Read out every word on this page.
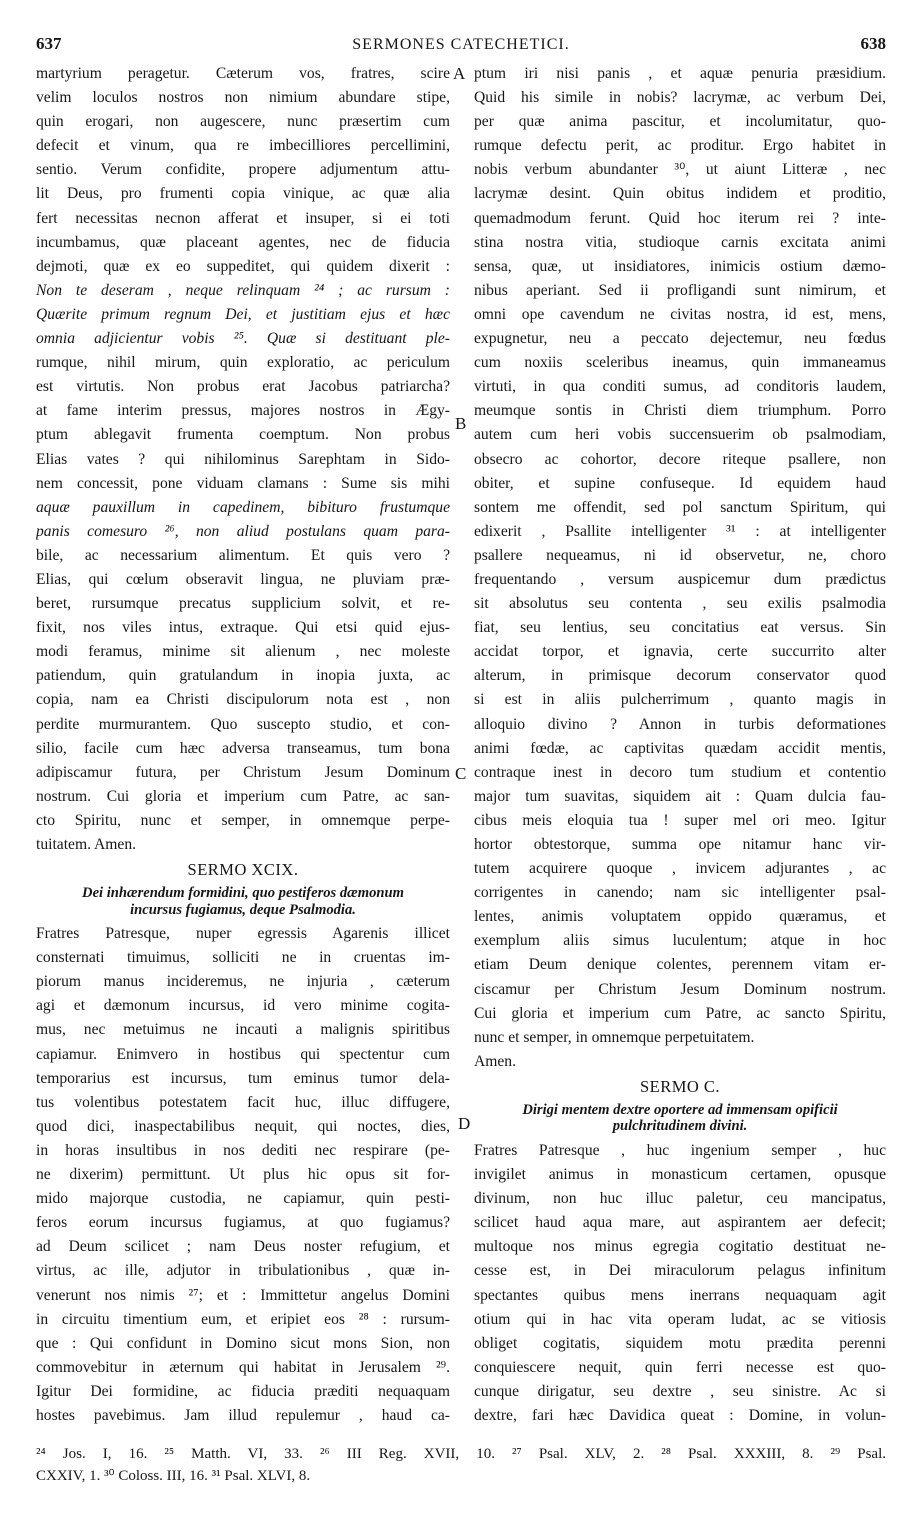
637	SERMONES CATECHETICI.	638
martyrium peragetur. Cæterum vos, fratres, scire
velim loculos nostros non nimium abundare stipe,
quin erogari, non augescere, nunc præsertim cum
defecit et vinum, qua re imbecilliores percellimini,
sentio. Verum confidite, propere adjumentum attu-
lit Deus, pro frumenti copia vinique, ac quæ alia
fert necessitas necnon afferat et insuper, si ei toti
incumbamus, quæ placeant agentes, nec de fiducia
dejmoti, quæ ex eo suppeditet, qui quidem dixerit :
Non te deseram , neque relinquam ²⁴ ; ac rursum :
Quærite primum regnum Dei, et justitiam ejus et hæc
omnia adjicientur vobis ²⁵. Quæ si destituant ple-
rumque, nihil mirum, quin exploratio, ac periculum
est virtutis. Non probus erat Jacobus patriarcha?
at fame interim pressus, majores nostros in Ægy-
ptum ablegavit frumenta coemptum. Non probus
Elias vates ? qui nihilominus Sarephtam in Sido-
nem concessit, pone viduam clamans : Sume sis mihi
aquæ pauxillum in capedinem, bibituro frustumque
panis comesuro ²⁶, non aliud postulans quam para-
bile, ac necessarium alimentum. Et quis vero ?
Elias, qui cœlum obseravit lingua, ne pluviam præ-
beret, rursumque precatus supplicium solvit, et re-
fixit, nos viles intus, extraque. Qui etsi quid ejus-
modi feramus, minime sit alienum , nec moleste
patiendum, quin gratulandum in inopia juxta, ac
copia, nam ea Christi discipulorum nota est , non
perdite murmurantem. Quo suscepto studio, et con-
silio, facile cum hæc adversa transeamus, tum bona
adipiscamur futura, per Christum Jesum Dominum
nostrum. Cui gloria et imperium cum Patre, ac san-
cto Spiritu, nunc et semper, in omnemque perpe-
tuitatem. Amen.
SERMO XCIX.
Dei inhærendum formidini, quo pestiferos dæmonum
incursus fugiamus, deque Psalmodia.
Fratres Patresque, nuper egressis Agarenis illicet
consternati timuimus, solliciti ne in cruentas im-
piorum manus incideremus, ne injuria , cæterum
agi et dæmonum incursus, id vero minime cogita-
mus, nec metuimus ne incauti a malignis spiritibus
capiamur. Enimvero in hostibus qui spectentur cum
temporarius est incursus, tum eminus tumor dela-
tus volentibus potestatem facit huc, illuc diffugere,
quod dici, inaspectabilibus nequit, qui noctes, dies,
in horas insultibus in nos dediti nec respirare (pe-
ne dixerim) permittunt. Ut plus hic opus sit for-
mido majorque custodia, ne capiamur, quin pesti-
feros eorum incursus fugiamus, at quo fugiamus?
ad Deum scilicet ; nam Deus noster refugium, et
virtus, ac ille, adjutor in tribulationibus , quæ in-
venerunt nos nimis ²⁷; et : Immittetur angelus Domini
in circuitu timentium eum, et eripiet eos ²⁸ : rursum-
que : Qui confidunt in Domino sicut mons Sion, non
commovebitur in æternum qui habitat in Jerusalem ²⁹.
Igitur Dei formidine, ac fiducia præditi nequaquam
hostes pavebimus. Jam illud repulemur , haud ca-
ptum iri nisi panis , et aquæ penuria præsidium.
Quid his simile in nobis? lacrymæ, ac verbum Dei,
per quæ anima pascitur, et incolumitatur, quo-
rumque defectu perit, ac proditur. Ergo habitet in
nobis verbum abundanter ³⁰, ut aiunt Litteræ , nec
lacrymæ desint. Quin obitus indidem et proditio,
quemadmodum ferunt. Quid hoc iterum rei ? inte-
stina nostra vitia, studioque carnis excitata animi
sensa, quæ, ut insidiatores, inimicis ostium dæmo-
nibus aperiant. Sed ii profligandi sunt nimirum, et
omni ope cavendum ne civitas nostra, id est, mens,
expugnetur, neu a peccato dejectemur, neu fœdus
cum noxiis sceleribus ineamus, quin immaneamus
virtuti, in qua conditi sumus, ad conditoris laudem,
meumque sontis in Christi diem triumphum. Porro
autem cum heri vobis succensuerim ob psalmodiam,
obsecro ac cohortor, decore riteque psallere, non
obiter, et supine confuseque. Id equidem haud
sontem me offendit, sed pol sanctum Spiritum, qui
edixerit , Psallite intelligenter ³¹ : at intelligenter
psallere nequeamus, ni id observetur, ne, choro
frequentando , versum auspicemur dum prædictus
sit absolutus seu contenta , seu exilis psalmodia
fiat, seu lentius, seu concitatius eat versus. Sin
accidat torpor, et ignavia, certe succurrito alter
alterum, in primisque decorum conservator quod
si est in aliis pulcherrimum , quanto magis in
alloquio divino ? Annon in turbis deformationes
animi fœdæ, ac captivitas quædam accidit mentis,
contraque inest in decoro tum studium et contentio
major tum suavitas, siquidem ait : Quam dulcia fau-
cibus meis eloquia tua ! super mel ori meo. Igitur
hortor obtestorque, summa ope nitamur hanc vir-
tutem acquirere quoque , invicem adjurantes , ac
corrigentes in canendo; nam sic intelligenter psal-
lentes, animis voluptatem oppido quæramus, et
exemplum aliis simus luculentum; atque in hoc
etiam Deum denique colentes, perennem vitam er-
ciscamur per Christum Jesum Dominum nostrum.
Cui gloria et imperium cum Patre, ac sancto Spiritu,
nunc et semper, in omnemque perpetuitatem.
Amen.
SERMO C.
Dirigi mentem dextre oportere ad immensam opificii
pulchritudinem divini.
Fratres Patresque , huc ingenium semper , huc
invigilet animus in monasticum certamen, opusque
divinum, non huc illuc paletur, ceu mancipatus,
scilicet haud aqua mare, aut aspirantem aer defecit;
multoque nos minus egregia cogitatio destituat ne-
cesse est, in Dei miraculorum pelagus infinitum
spectantes quibus mens inerrans nequaquam agit
otium qui in hac vita operam ludat, ac se vitiosis
obliget cogitatis, siquidem motu prædita perenni
conquiescere nequit, quin ferri necesse est quo-
cunque dirigatur, seu dextre , seu sinistre. Ac si
dextre, fari hæc Davidica queat : Domine, in volun-
A
B
C
D
²⁴ Jos. I, 16. ²⁵ Matth. VI, 33. ²⁶ III Reg. XVII, 10. ²⁷ Psal. XLV, 2. ²⁸ Psal. XXXIII, 8. ²⁹ Psal.
CXXIV, 1. ³⁰ Coloss. III, 16. ³¹ Psal. XLVI, 8.
